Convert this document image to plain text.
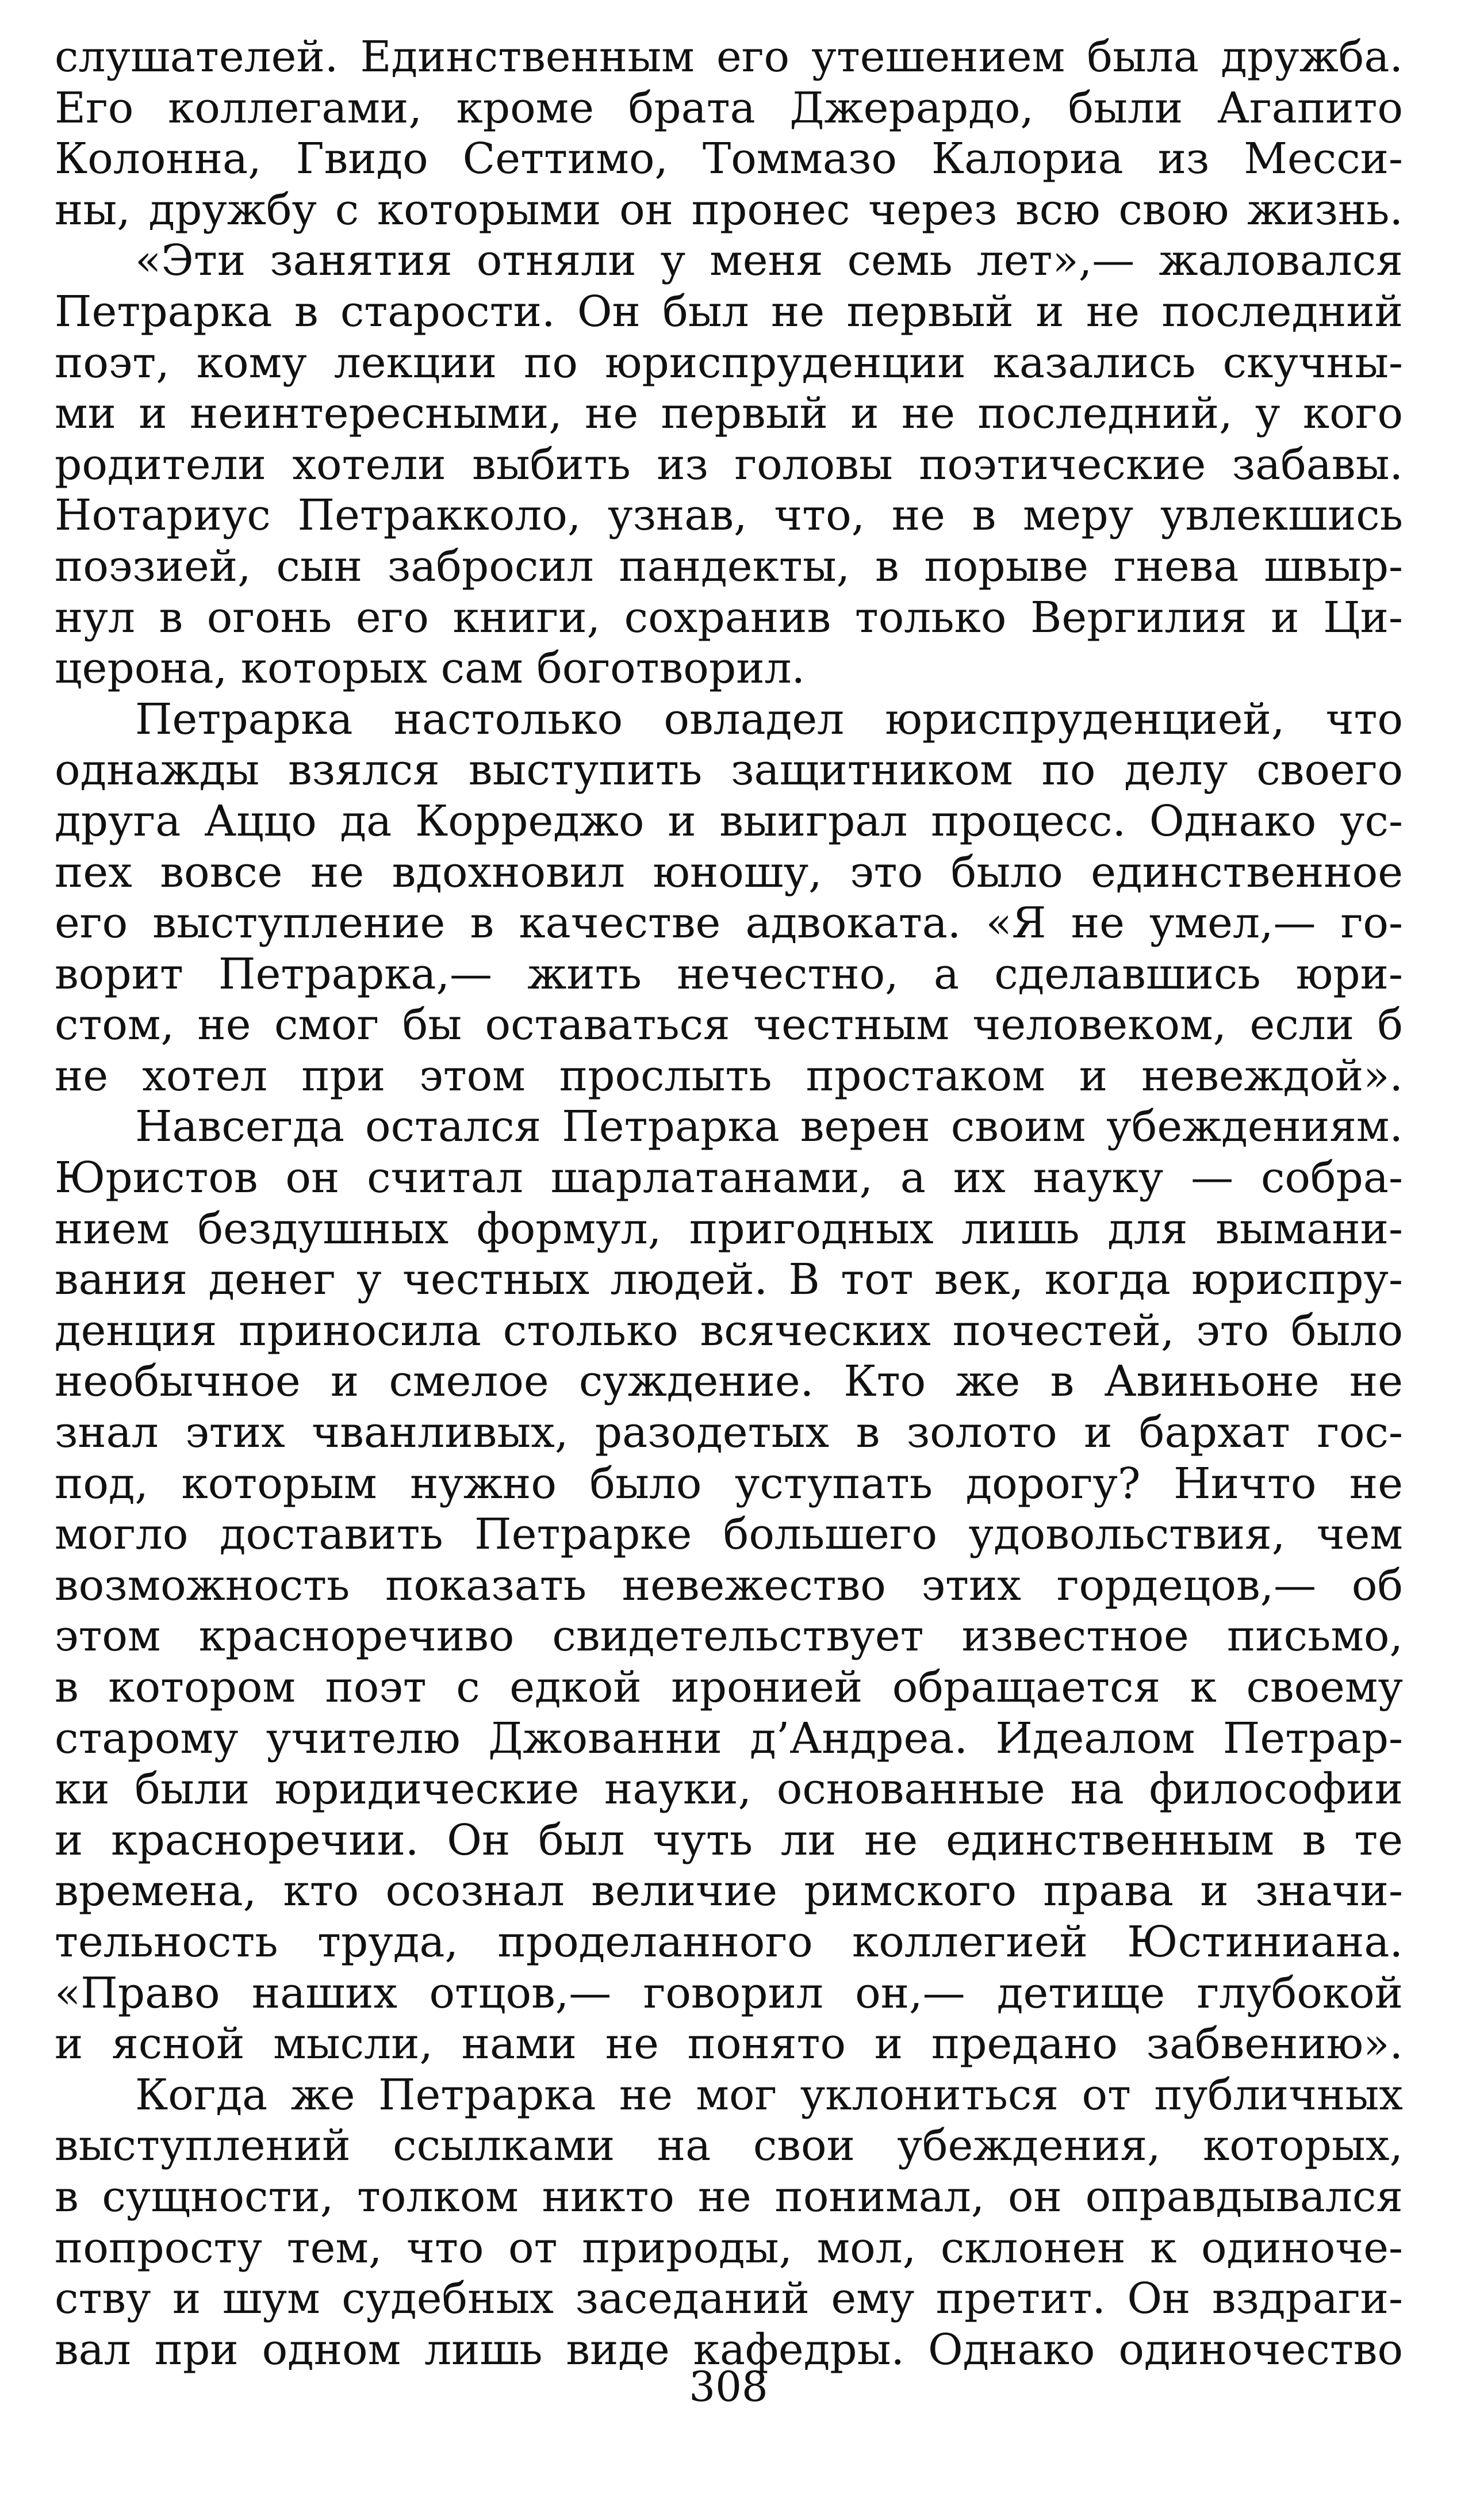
слушателей. Единственным его утешением была дружба.
Его коллегами, кроме брата Джерардо, были Агапито
Колонна, Гвидо Сеттимо, Томмазо Калориа из Месси-
ны, дружбу с которыми он пронес через всю свою жизнь.
«Эти занятия отняли у меня семь лет»,— жаловался
Петрарка в старости. Он был не первый и не последний
поэт, кому лекции по юриспруденции казались скучны-
ми и неинтересными, не первый и не последний, у кого
родители хотели выбить из головы поэтические забавы.
Нотариус Петракколо, узнав, что, не в меру увлекшись
поэзией, сын забросил пандекты, в порыве гнева швыр-
нул в огонь его книги, сохранив только Вергилия и Ци-
церона, которых сам боготворил.
Петрарка настолько овладел юриспруденцией, что
однажды взялся выступить защитником по делу своего
друга Аццо да Корреджо и выиграл процесс. Однако ус-
пех вовсе не вдохновил юношу, это было единственное
его выступление в качестве адвоката. «Я не умел,— го-
ворит Петрарка,— жить нечестно, а сделавшись юри-
стом, не смог бы оставаться честным человеком, если б
не хотел при этом прослыть простаком и невеждой».
Навсегда остался Петрарка верен своим убеждениям.
Юристов он считал шарлатанами, а их науку — собра-
нием бездушных формул, пригодных лишь для вымани-
вания денег у честных людей. В тот век, когда юриспру-
денция приносила столько всяческих почестей, это было
необычное и смелое суждение. Кто же в Авиньоне не
знал этих чванливых, разодетых в золото и бархат гос-
под, которым нужно было уступать дорогу? Ничто не
могло доставить Петрарке большего удовольствия, чем
возможность показать невежество этих гордецов,— об
этом красноречиво свидетельствует известное письмо,
в котором поэт с едкой иронией обращается к своему
старому учителю Джованни д’Андреа. Идеалом Петрар-
ки были юридические науки, основанные на философии
и красноречии. Он был чуть ли не единственным в те
времена, кто осознал величие римского права и значи-
тельность труда, проделанного коллегией Юстиниана.
«Право наших отцов,— говорил он,— детище глубокой
и ясной мысли, нами не понято и предано забвению».
Когда же Петрарка не мог уклониться от публичных
выступлений ссылками на свои убеждения, которых,
в сущности, толком никто не понимал, он оправдывался
попросту тем, что от природы, мол, склонен к одиноче-
ству и шум судебных заседаний ему претит. Он вздраги-
вал при одном лишь виде кафедры. Однако одиночество
308
